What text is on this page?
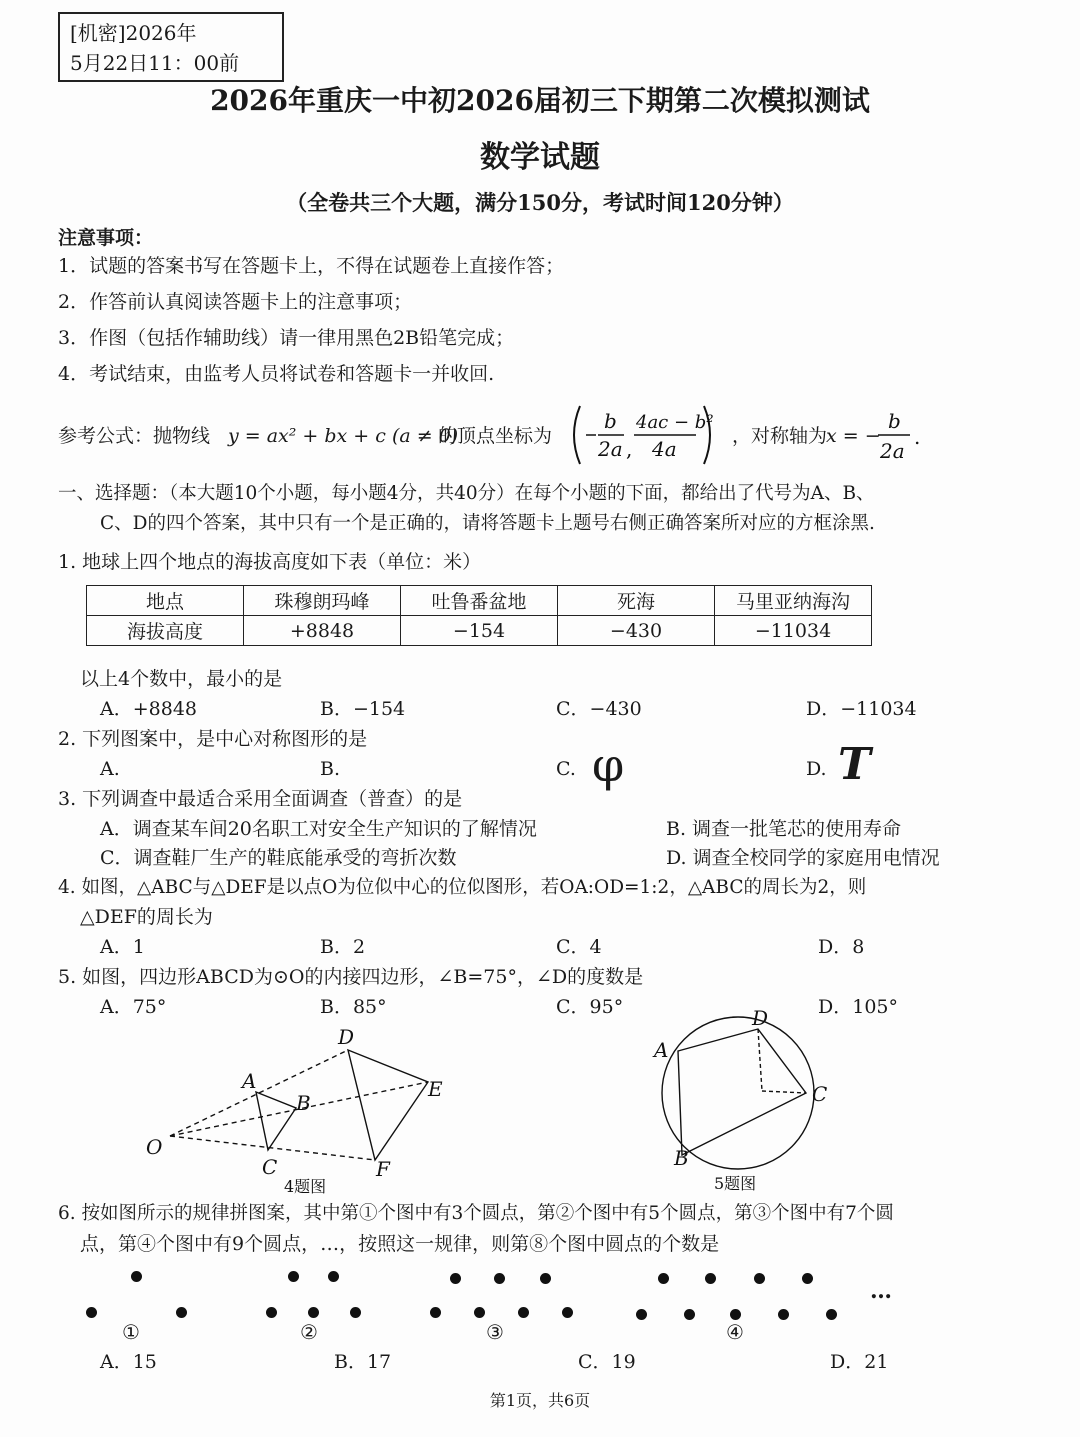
[机密]2026年
5月22日11：00前
2026年重庆一中初2026届初三下期第二次模拟测试
数学试题
（全卷共三个大题，满分150分，考试时间120分钟）
注意事项：
1．试题的答案书写在答题卡上，不得在试题卷上直接作答；
2．作答前认真阅读答题卡上的注意事项；
3．作图（包括作辅助线）请一律用黑色2B铅笔完成；
4．考试结束，由监考人员将试卷和答题卡一并收回.
参考公式：抛物线 y = ax² + bx + c (a ≠ 0)
的顶点坐标为
b
2a ,
4ac − b²
4a
，对称轴为
x = −
b
2a
.
一、选择题：（本大题10个小题，每小题4分，共40分）在每个小题的下面，都给出了代号为A、B、
C、D的四个答案，其中只有一个是正确的，请将答题卡上题号右侧正确答案所对应的方框涂黑.
1. 地球上四个地点的海拔高度如下表（单位：米）
地点	珠穆朗玛峰	吐鲁番盆地	死海	马里亚纳海沟
海拔高度	+8848	−154	−430	−11034
以上4个数中，最小的是
A．+8848	B．−154	C．−430	D．−11034
2. 下列图案中，是中心对称图形的是
A.	B.	C. φ	D. T
3. 下列调查中最适合采用全面调查（普查）的是
A．调查某车间20名职工对安全生产知识的了解情况	B. 调查一批笔芯的使用寿命
C．调查鞋厂生产的鞋底能承受的弯折次数	D. 调查全校同学的家庭用电情况
4. 如图，△ABC与△DEF是以点O为位似中心的位似图形，若OA:OD=1:2，△ABC的周长为2，则
△DEF的周长为
A．1	B．2	C．4	D．8
5. 如图，四边形ABCD为⊙O的内接四边形，∠B=75°，∠D的度数是
A．75°	B．85°	C．95°	D．105°
O
A
B
C
D
E
F
4题图
A
D
C
B
5题图
6. 按如图所示的规律拼图案，其中第①个图中有3个圆点，第②个图中有5个圆点，第③个图中有7个圆
点，第④个图中有9个圆点，…，按照这一规律，则第⑧个图中圆点的个数是
①	②	③	④
…
A．15	B．17	C．19	D．21
第1页，共6页
